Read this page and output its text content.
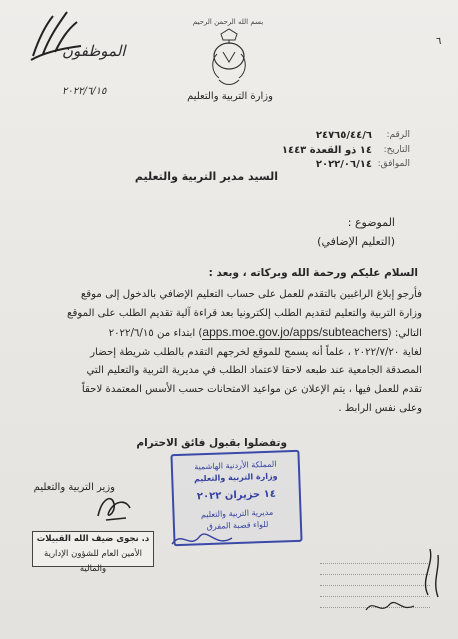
الموظفون
٢٠٢٢/٦/١٥
٦
بسم الله الرحمن الرحيم
وزارة التربية والتعليم
الرقم:
٢٤٧٦٥/٤٤/٦
التاريخ:
١٤ ذو القعدة ١٤٤٣
الموافق:
٢٠٢٢/٠٦/١٤
السيد مدير التربية والتعليم
الموضوع :
(التعليم الإضافي)
السلام عليكم ورحمة الله وبركاته ، وبعد :
فأرجو إبلاغ الراغبين بالتقدم للعمل على حساب التعليم الإضافي بالدخول إلى موقع
وزارة التربية والتعليم لتقديم الطلب إلكترونيا بعد قراءة آلية تقديم الطلب على الموقع
التالي: (apps.moe.gov.jo/apps/subteachers) ابتداء من ٢٠٢٢/٦/١٥
لغاية ٢٠٢٢/٧/٢٠ ، علماً أنه يسمح للموقع لخرجهم التقدم بالطلب شريطة إحضار
المصدقة الجامعية عند طبعه لاحقا لاعتماد الطلب في مديرية التربية والتعليم التي
تقدم للعمل فيها ، يتم الإعلان عن مواعيد الامتحانات حسب الأسس المعتمدة لاحقاً
وعلى نفس الرابط .
وتفضلوا بقبول فائق الاحترام
وزير التربية والتعليم
د. نجوى ضيف الله القبيلات
الأمين العام للشؤون الإدارية والمالية
المملكة الأردنية الهاشمية
وزارة التربية والتعليم
١٤ حزيران ٢٠٢٢
مديرية التربية والتعليم
للواء قصبة المفرق
